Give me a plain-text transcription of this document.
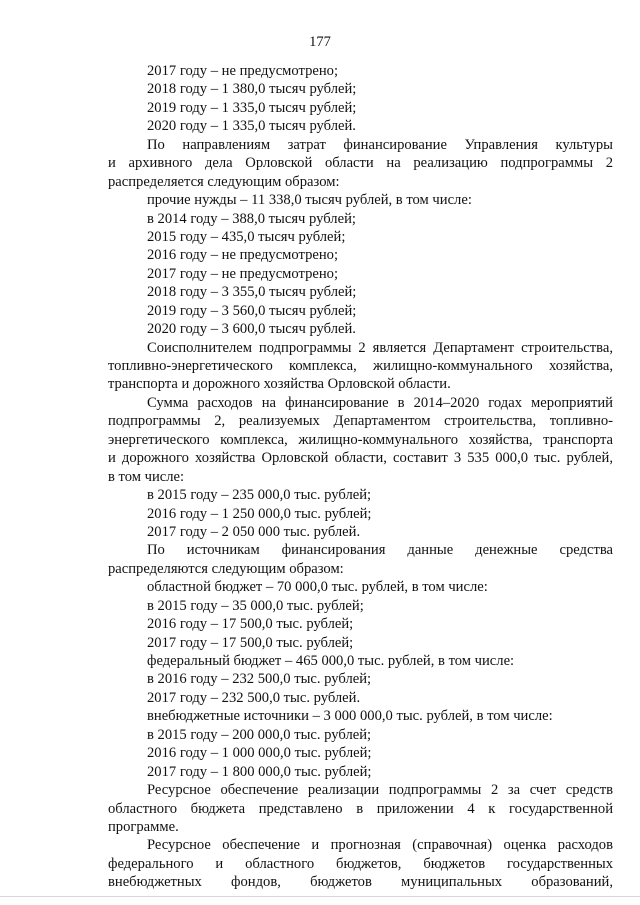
177
2017 году – не предусмотрено;
2018 году – 1 380,0 тысяч рублей;
2019 году – 1 335,0 тысяч рублей;
2020 году – 1 335,0 тысяч рублей.
По направлениям затрат финансирование Управления культуры
и архивного дела Орловской области на реализацию подпрограммы 2
распределяется следующим образом:
прочие нужды – 11 338,0 тысяч рублей, в том числе:
в 2014 году – 388,0 тысяч рублей;
2015 году – 435,0 тысяч рублей;
2016 году – не предусмотрено;
2017 году – не предусмотрено;
2018 году – 3 355,0 тысяч рублей;
2019 году – 3 560,0 тысяч рублей;
2020 году – 3 600,0 тысяч рублей.
Соисполнителем подпрограммы 2 является Департамент строительства,
топливно-энергетического комплекса, жилищно-коммунального хозяйства,
транспорта и дорожного хозяйства Орловской области.
Сумма расходов на финансирование в 2014–2020 годах мероприятий
подпрограммы 2, реализуемых Департаментом строительства, топливно-
энергетического комплекса, жилищно-коммунального хозяйства, транспорта
и дорожного хозяйства Орловской области, составит 3 535 000,0 тыс. рублей,
в том числе:
в 2015 году – 235 000,0 тыс. рублей;
2016 году – 1 250 000,0 тыс. рублей;
2017 году – 2 050 000 тыс. рублей.
По источникам финансирования данные денежные средства
распределяются следующим образом:
областной бюджет – 70 000,0 тыс. рублей, в том числе:
в 2015 году – 35 000,0 тыс. рублей;
2016 году – 17 500,0 тыс. рублей;
2017 году – 17 500,0 тыс. рублей;
федеральный бюджет – 465 000,0 тыс. рублей, в том числе:
в 2016 году – 232 500,0 тыс. рублей;
2017 году – 232 500,0 тыс. рублей.
внебюджетные источники – 3 000 000,0 тыс. рублей, в том числе:
в 2015 году – 200 000,0 тыс. рублей;
2016 году – 1 000 000,0 тыс. рублей;
2017 году – 1 800 000,0 тыс. рублей;
Ресурсное обеспечение реализации подпрограммы 2 за счет средств
областного бюджета представлено в приложении 4 к государственной
программе.
Ресурсное обеспечение и прогнозная (справочная) оценка расходов
федерального и областного бюджетов, бюджетов государственных
внебюджетных фондов, бюджетов муниципальных образований,
